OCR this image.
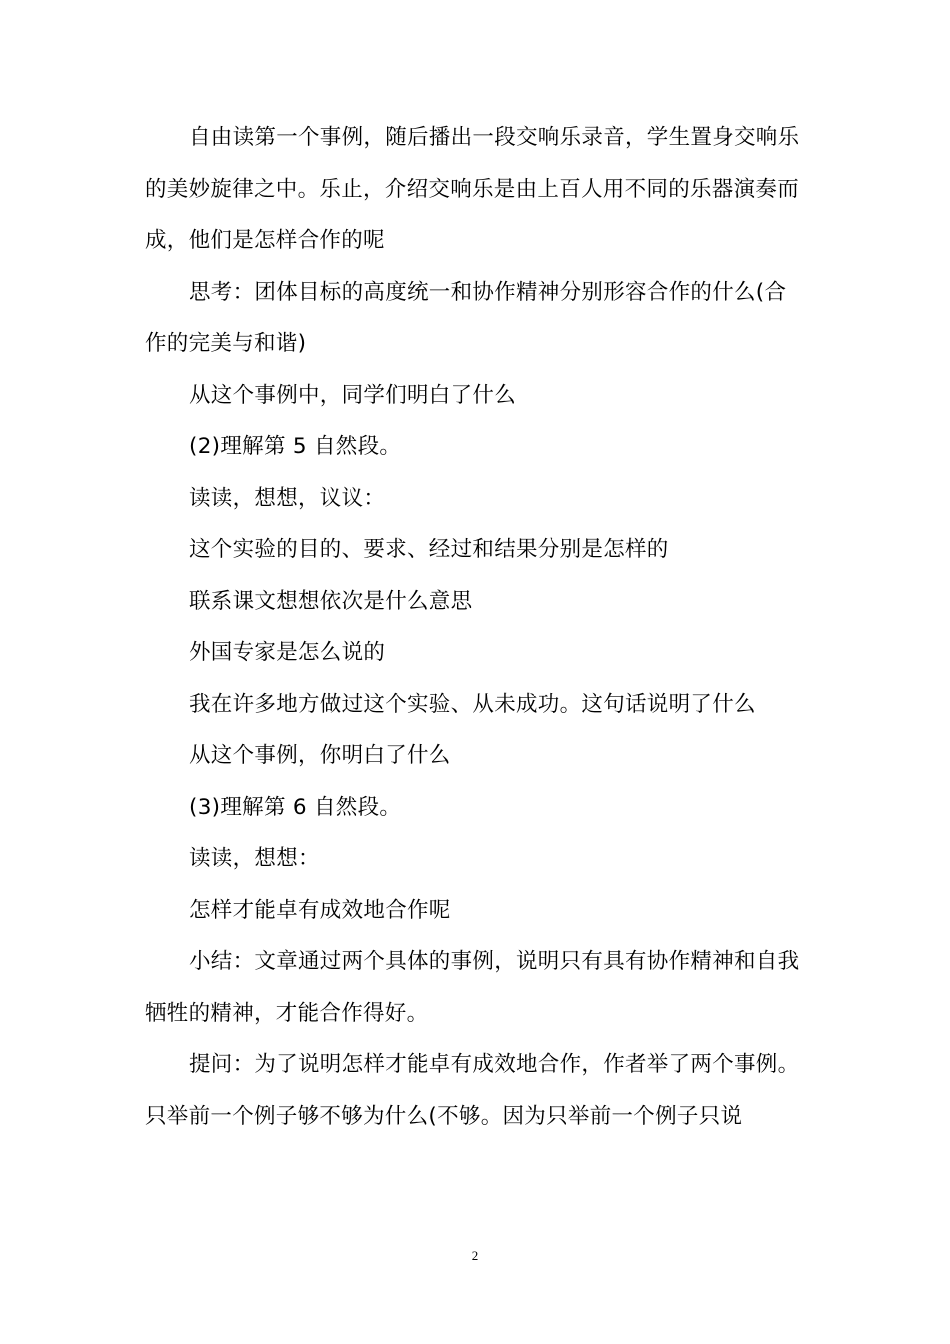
自由读第一个事例，随后播出一段交响乐录音，学生置身交响乐的美妙旋律之中。乐止，介绍交响乐是由上百人用不同的乐器演奏而成，他们是怎样合作的呢

思考：团体目标的高度统一和协作精神分别形容合作的什么(合作的完美与和谐)

从这个事例中，同学们明白了什么

(2)理解第 5 自然段。

读读，想想，议议：

这个实验的目的、要求、经过和结果分别是怎样的

联系课文想想依次是什么意思

外国专家是怎么说的

我在许多地方做过这个实验、从未成功。这句话说明了什么

从这个事例，你明白了什么

(3)理解第 6 自然段。

读读，想想：

怎样才能卓有成效地合作呢

小结：文章通过两个具体的事例，说明只有具有协作精神和自我牺牲的精神，才能合作得好。

提问：为了说明怎样才能卓有成效地合作，作者举了两个事例。只举前一个例子够不够为什么(不够。因为只举前一个例子只说

2
